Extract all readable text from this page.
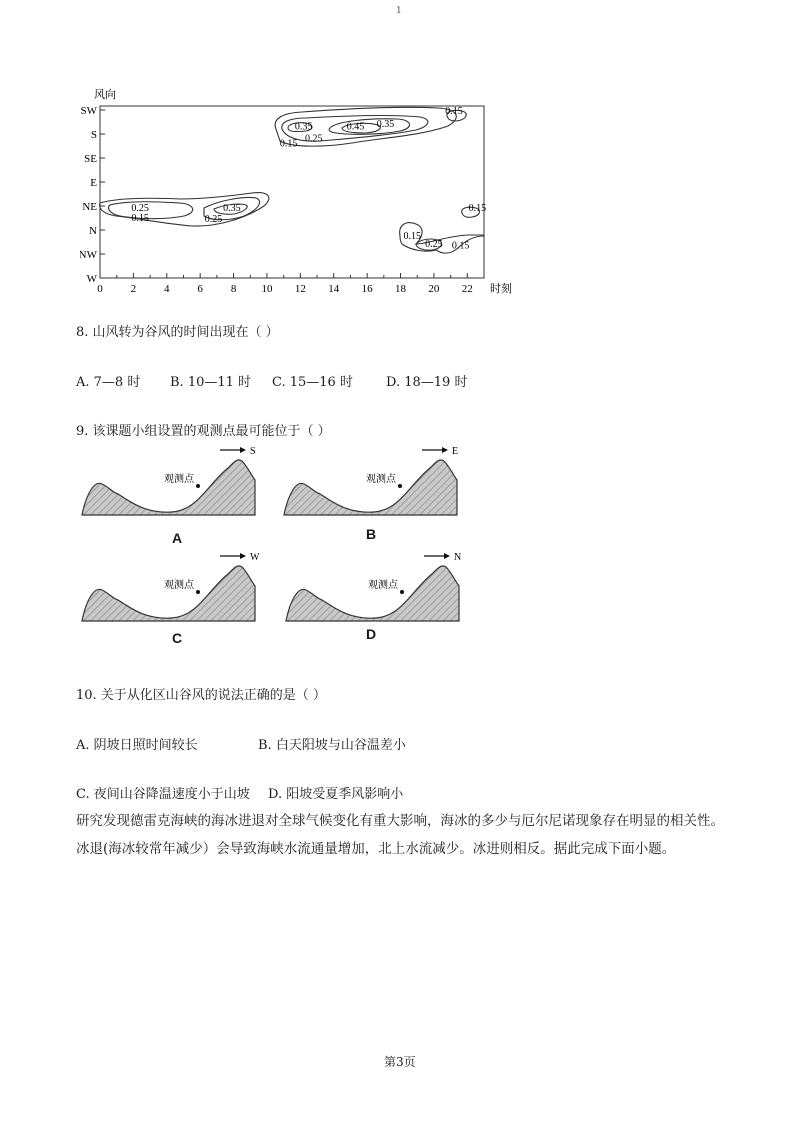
1
0	2	4	6	8 10 12 14 16 18 20 22
SW
S
SE
E
NE
N
NW
W
风向
时刻
0.15
0.35	0.45 0.35
0.25
0.15
0.25
0.15
0.35
0.25
0.15
0.15
0.25 0.15
8. 山风转为谷风的时间出现在（ ）
A. 7—8 时 B. 10—11 时 C. 15—16 时	D. 18—19 时
9. 该课题小组设置的观测点最可能位于（ ）
观测点
S
A
观测点
E
B
观测点
W
C
观测点
N
D
10. 关于从化区山谷风的说法正确的是（ ）
A. 阴坡日照时间较长	B. 白天阳坡与山谷温差小
C. 夜间山谷降温速度小于山坡 D. 阳坡受夏季风影响小
研究发现德雷克海峡的海冰进退对全球气候变化有重大影响，海冰的多少与厄尔尼诺现象存在明显的相关性。冰退(海冰较常年减少）会导致海峡水流通量增加，北上水流减少。冰进则相反。据此完成下面小题。
第3页
